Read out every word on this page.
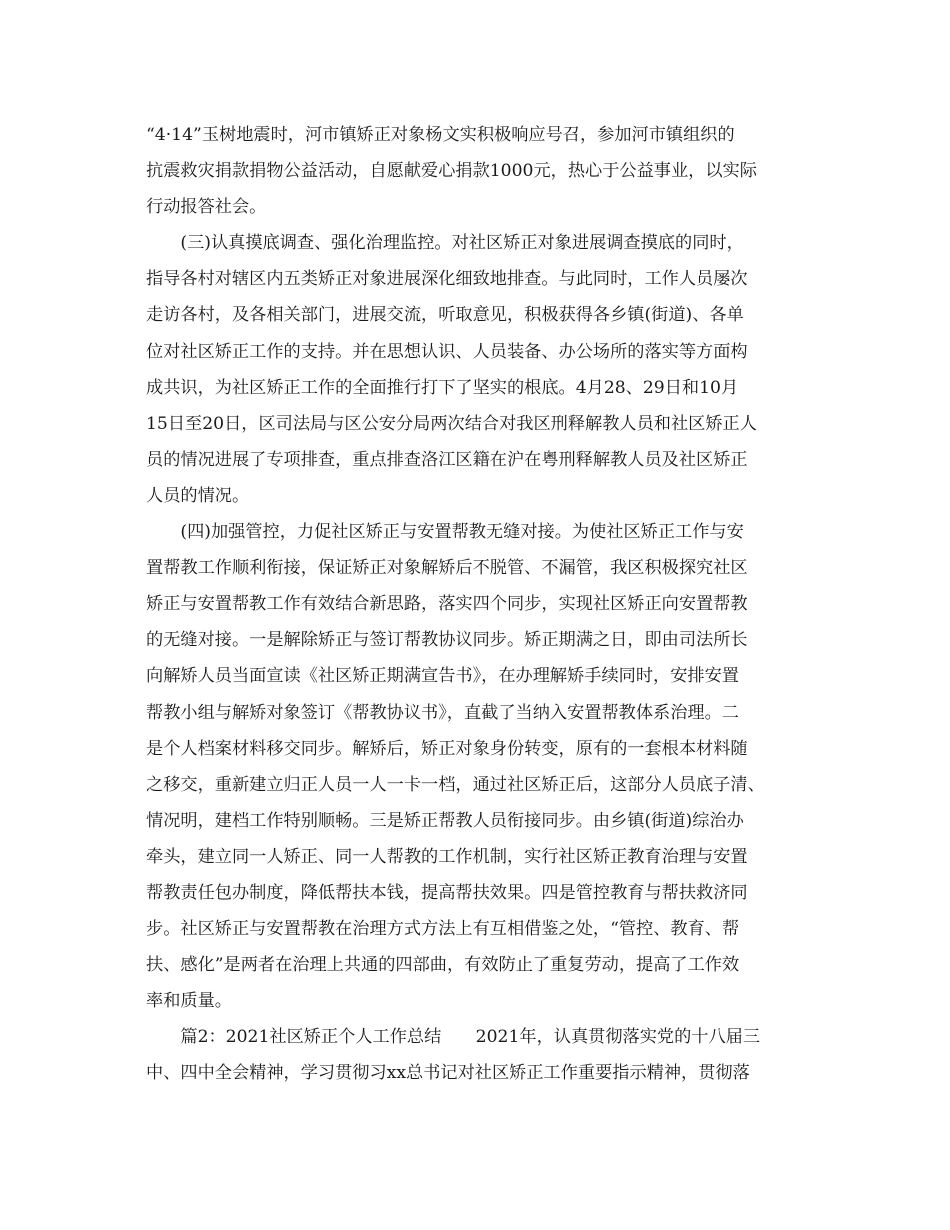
“4·14”玉树地震时，河市镇矫正对象杨文实积极响应号召，参加河市镇组织的
抗震救灾捐款捐物公益活动，自愿献爱心捐款1000元，热心于公益事业，以实际
行动报答社会。
　　(三)认真摸底调查、强化治理监控。对社区矫正对象进展调查摸底的同时，
指导各村对辖区内五类矫正对象进展深化细致地排查。与此同时，工作人员屡次
走访各村，及各相关部门，进展交流，听取意见，积极获得各乡镇(街道)、各单
位对社区矫正工作的支持。并在思想认识、人员装备、办公场所的落实等方面构
成共识，为社区矫正工作的全面推行打下了坚实的根底。4月28、29日和10月
15日至20日，区司法局与区公安分局两次结合对我区刑释解教人员和社区矫正人
员的情况进展了专项排查，重点排查洛江区籍在沪在粤刑释解教人员及社区矫正
人员的情况。
　　(四)加强管控，力促社区矫正与安置帮教无缝对接。为使社区矫正工作与安
置帮教工作顺利衔接，保证矫正对象解矫后不脱管、不漏管，我区积极探究社区
矫正与安置帮教工作有效结合新思路，落实四个同步，实现社区矫正向安置帮教
的无缝对接。一是解除矫正与签订帮教协议同步。矫正期满之日，即由司法所长
向解矫人员当面宣读《社区矫正期满宣告书》，在办理解矫手续同时，安排安置
帮教小组与解矫对象签订《帮教协议书》，直截了当纳入安置帮教体系治理。二
是个人档案材料移交同步。解矫后，矫正对象身份转变，原有的一套根本材料随
之移交，重新建立归正人员一人一卡一档，通过社区矫正后，这部分人员底子清、
情况明，建档工作特别顺畅。三是矫正帮教人员衔接同步。由乡镇(街道)综治办
牵头，建立同一人矫正、同一人帮教的工作机制，实行社区矫正教育治理与安置
帮教责任包办制度，降低帮扶本钱，提高帮扶效果。四是管控教育与帮扶救济同
步。社区矫正与安置帮教在治理方式方法上有互相借鉴之处，“管控、教育、帮
扶、感化”是两者在治理上共通的四部曲，有效防止了重复劳动，提高了工作效
率和质量。
　　篇2：2021社区矫正个人工作总结　　2021年，认真贯彻落实党的十八届三
中、四中全会精神，学习贯彻习xx总书记对社区矫正工作重要指示精神，贯彻落
